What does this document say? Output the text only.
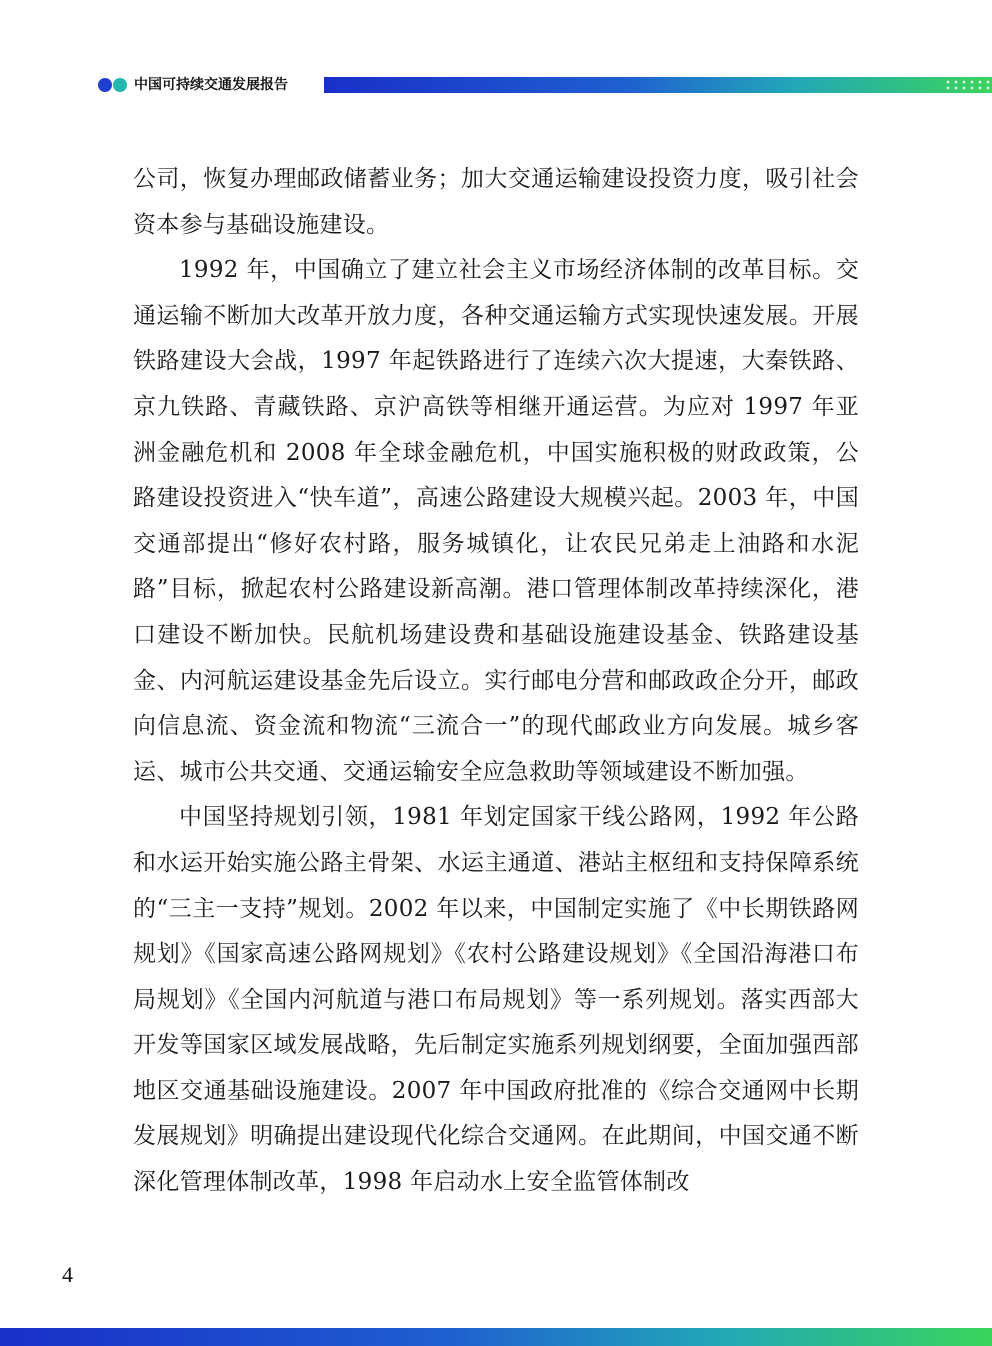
中国可持续交通发展报告

公司，恢复办理邮政储蓄业务；加大交通运输建设投资力度，吸引社会资本参与基础设施建设。

1992 年，中国确立了建立社会主义市场经济体制的改革目标。交通运输不断加大改革开放力度，各种交通运输方式实现快速发展。开展铁路建设大会战，1997 年起铁路进行了连续六次大提速，大秦铁路、京九铁路、青藏铁路、京沪高铁等相继开通运营。为应对 1997 年亚洲金融危机和 2008 年全球金融危机，中国实施积极的财政政策，公路建设投资进入“快车道”，高速公路建设大规模兴起。2003 年，中国交通部提出“修好农村路，服务城镇化，让农民兄弟走上油路和水泥路”目标，掀起农村公路建设新高潮。港口管理体制改革持续深化，港口建设不断加快。民航机场建设费和基础设施建设基金、铁路建设基金、内河航运建设基金先后设立。实行邮电分营和邮政政企分开，邮政向信息流、资金流和物流“三流合一”的现代邮政业方向发展。城乡客运、城市公共交通、交通运输安全应急救助等领域建设不断加强。

中国坚持规划引领，1981 年划定国家干线公路网，1992 年公路和水运开始实施公路主骨架、水运主通道、港站主枢纽和支持保障系统的“三主一支持”规划。2002 年以来，中国制定实施了《中长期铁路网规划》《国家高速公路网规划》《农村公路建设规划》《全国沿海港口布局规划》《全国内河航道与港口布局规划》等一系列规划。落实西部大开发等国家区域发展战略，先后制定实施系列规划纲要，全面加强西部地区交通基础设施建设。2007 年中国政府批准的《综合交通网中长期发展规划》明确提出建设现代化综合交通网。在此期间，中国交通不断深化管理体制改革，1998 年启动水上安全监管体制改

4
